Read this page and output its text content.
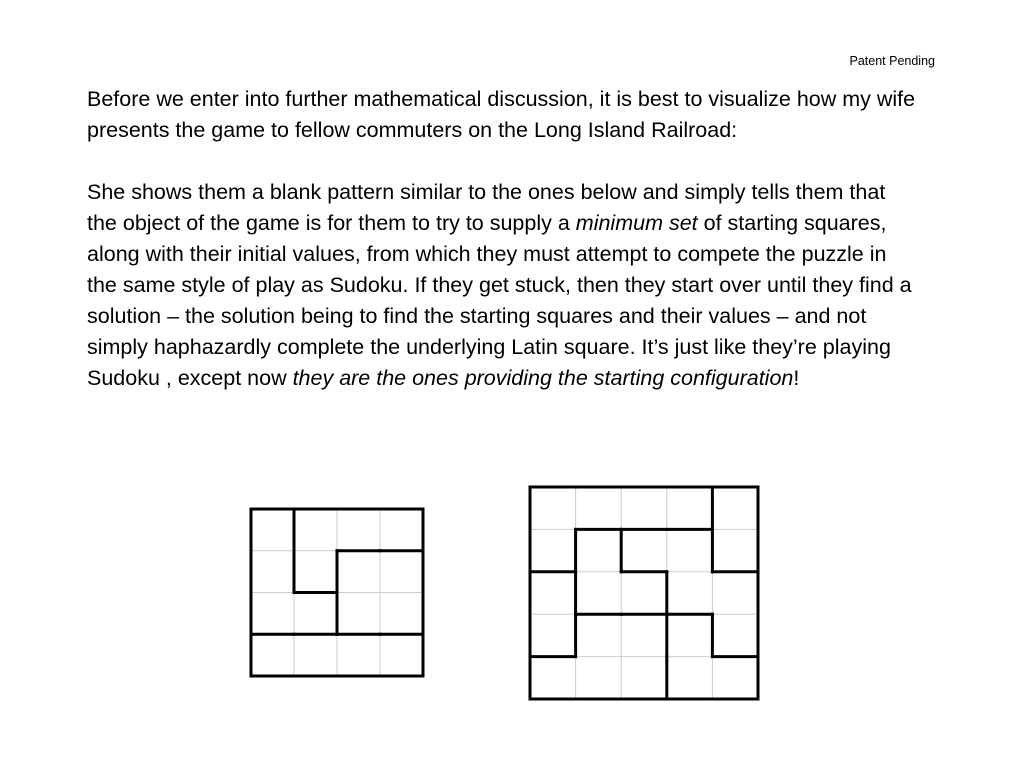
Patent Pending

Before we enter into further mathematical discussion, it is best to visualize how my wife presents the game to fellow commuters on the Long Island Railroad:

She shows them a blank pattern similar to the ones below and simply tells them that the object of the game is for them to try to supply a minimum set of starting squares, along with their initial values, from which they must attempt to compete the puzzle in the same style of play as Sudoku. If they get stuck, then they start over until they find a solution – the solution being to find the starting squares and their values – and not simply haphazardly complete the underlying Latin square. It’s just like they’re playing Sudoku , except now they are the ones providing the starting configuration!
